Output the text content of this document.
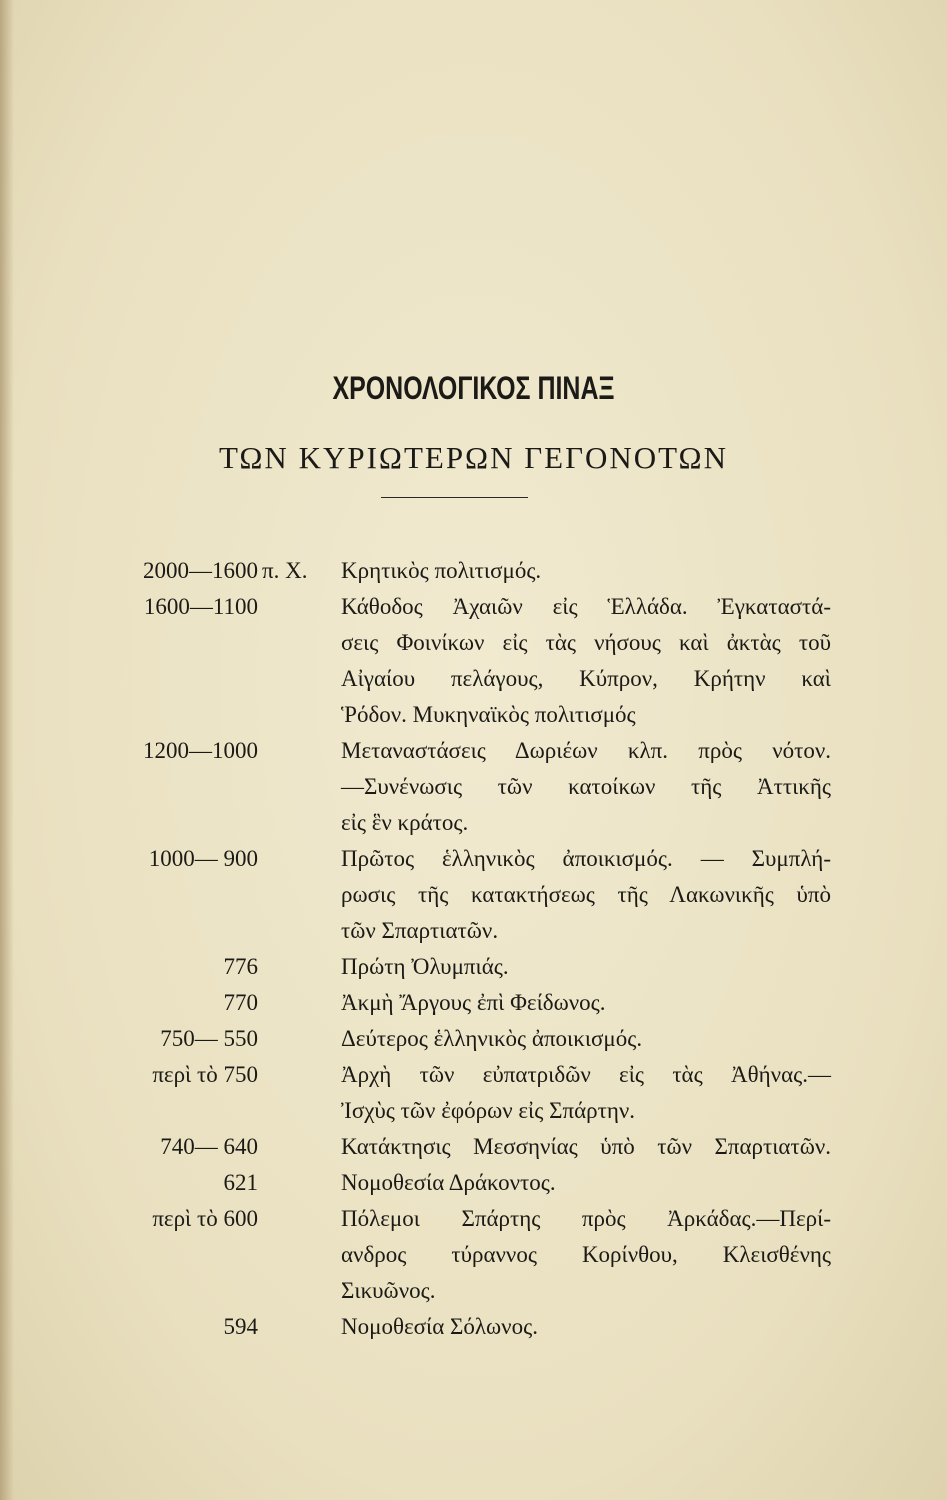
ΧΡΟΝΟΛΟΓΙΚΟΣ ΠΙΝΑΞ
ΤΩΝ ΚΥΡΙΩΤΕΡΩΝ ΓΕΓΟΝΟΤΩΝ
2000—1600
1600—1100
1200—1000
1000— 900
776
770
750— 550
περὶ τὸ 750
740— 640
621
περὶ τὸ 600
594
π. Χ. Κρητικὸς πολιτισμός.
Κάθοδος Ἀχαιῶν εἰς Ἑλλάδα. Ἐγκαταστά-
σεις Φοινίκων εἰς τὰς νήσους καὶ ἀκτὰς τοῦ
Αἰγαίου πελάγους, Κύπρον, Κρήτην καὶ
Ῥόδον. Μυκηναϊκὸς πολιτισμός
Μεταναστάσεις Δωριέων κλπ. πρὸς νότον.
—Συνένωσις τῶν κατοίκων τῆς Ἀττικῆς
εἰς ἓν κράτος.
Πρῶτος ἑλληνικὸς ἀποικισμός. — Συμπλή-
ρωσις τῆς κατακτήσεως τῆς Λακωνικῆς ὑπὸ
τῶν Σπαρτιατῶν.
Πρώτη Ὀλυμπιάς.
Ἀκμὴ Ἄργους ἐπὶ Φείδωνος.
Δεύτερος ἑλληνικὸς ἀποικισμός.
Ἀρχὴ τῶν εὐπατριδῶν εἰς τὰς Ἀθήνας.—
Ἰσχὺς τῶν ἐφόρων εἰς Σπάρτην.
Κατάκτησις Μεσσηνίας ὑπὸ τῶν Σπαρτιατῶν.
Νομοθεσία Δράκοντος.
Πόλεμοι Σπάρτης πρὸς Ἀρκάδας.—Περί-
ανδρος τύραννος Κορίνθου, Κλεισθένης
Σικυῶνος.
Νομοθεσία Σόλωνος.
